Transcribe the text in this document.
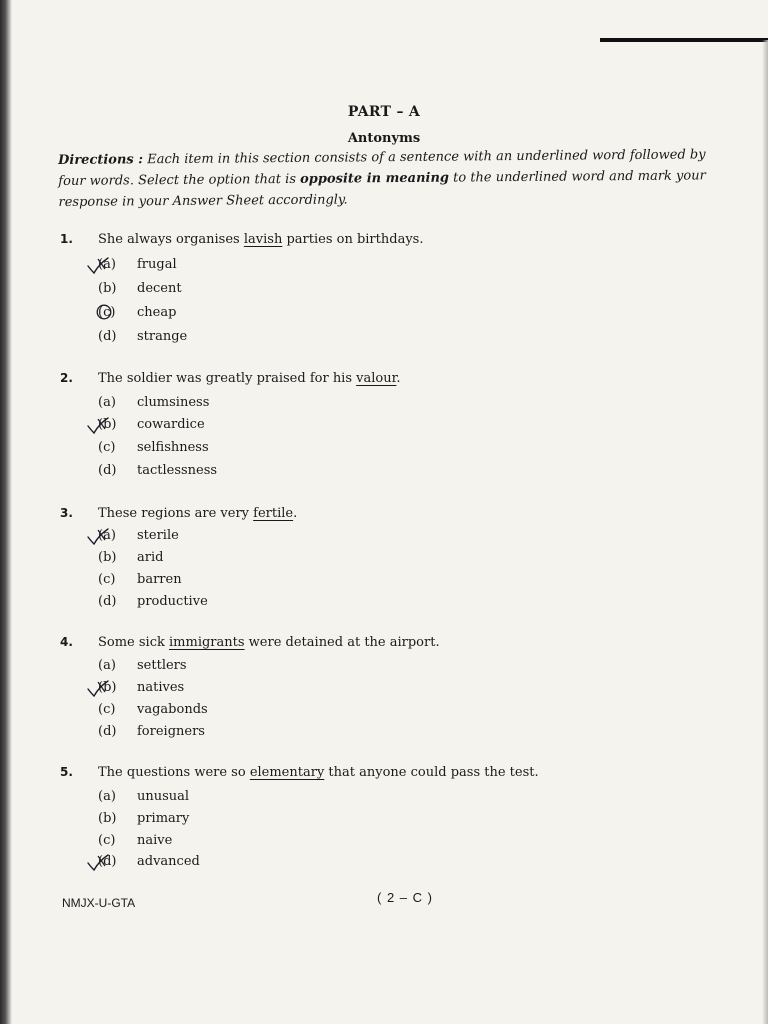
PART – A
Antonyms
Directions : Each item in this section consists of a sentence with an underlined word followed by four words. Select the option that is opposite in meaning to the underlined word and mark your response in your Answer Sheet accordingly.
1. She always organises lavish parties on birthdays.
(a) frugal
(b) decent
(c) cheap
(d) strange
2. The soldier was greatly praised for his valour.
(a) clumsiness
(b) cowardice
(c) selfishness
(d) tactlessness
3. These regions are very fertile.
(a) sterile
(b) arid
(c) barren
(d) productive
4. Some sick immigrants were detained at the airport.
(a) settlers
(b) natives
(c) vagabonds
(d) foreigners
5. The questions were so elementary that anyone could pass the test.
(a) unusual
(b) primary
(c) naive
(d) advanced
NMJX-U-GTA	( 2 – C )
